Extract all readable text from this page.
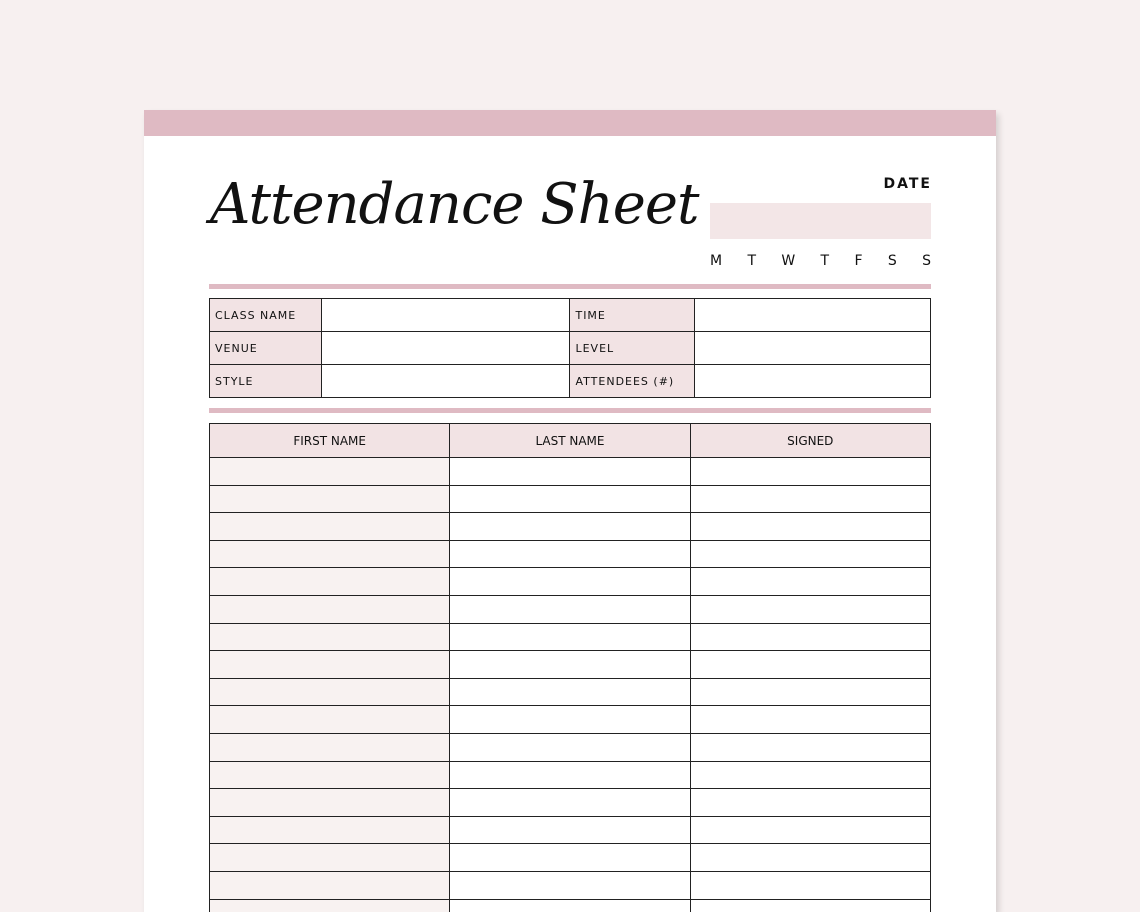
Attendance Sheet	DATE
M T W T F S S
CLASS NAME		TIME	
VENUE		LEVEL	
STYLE		ATTENDEES (#)	
FIRST NAME	LAST NAME	SIGNED
